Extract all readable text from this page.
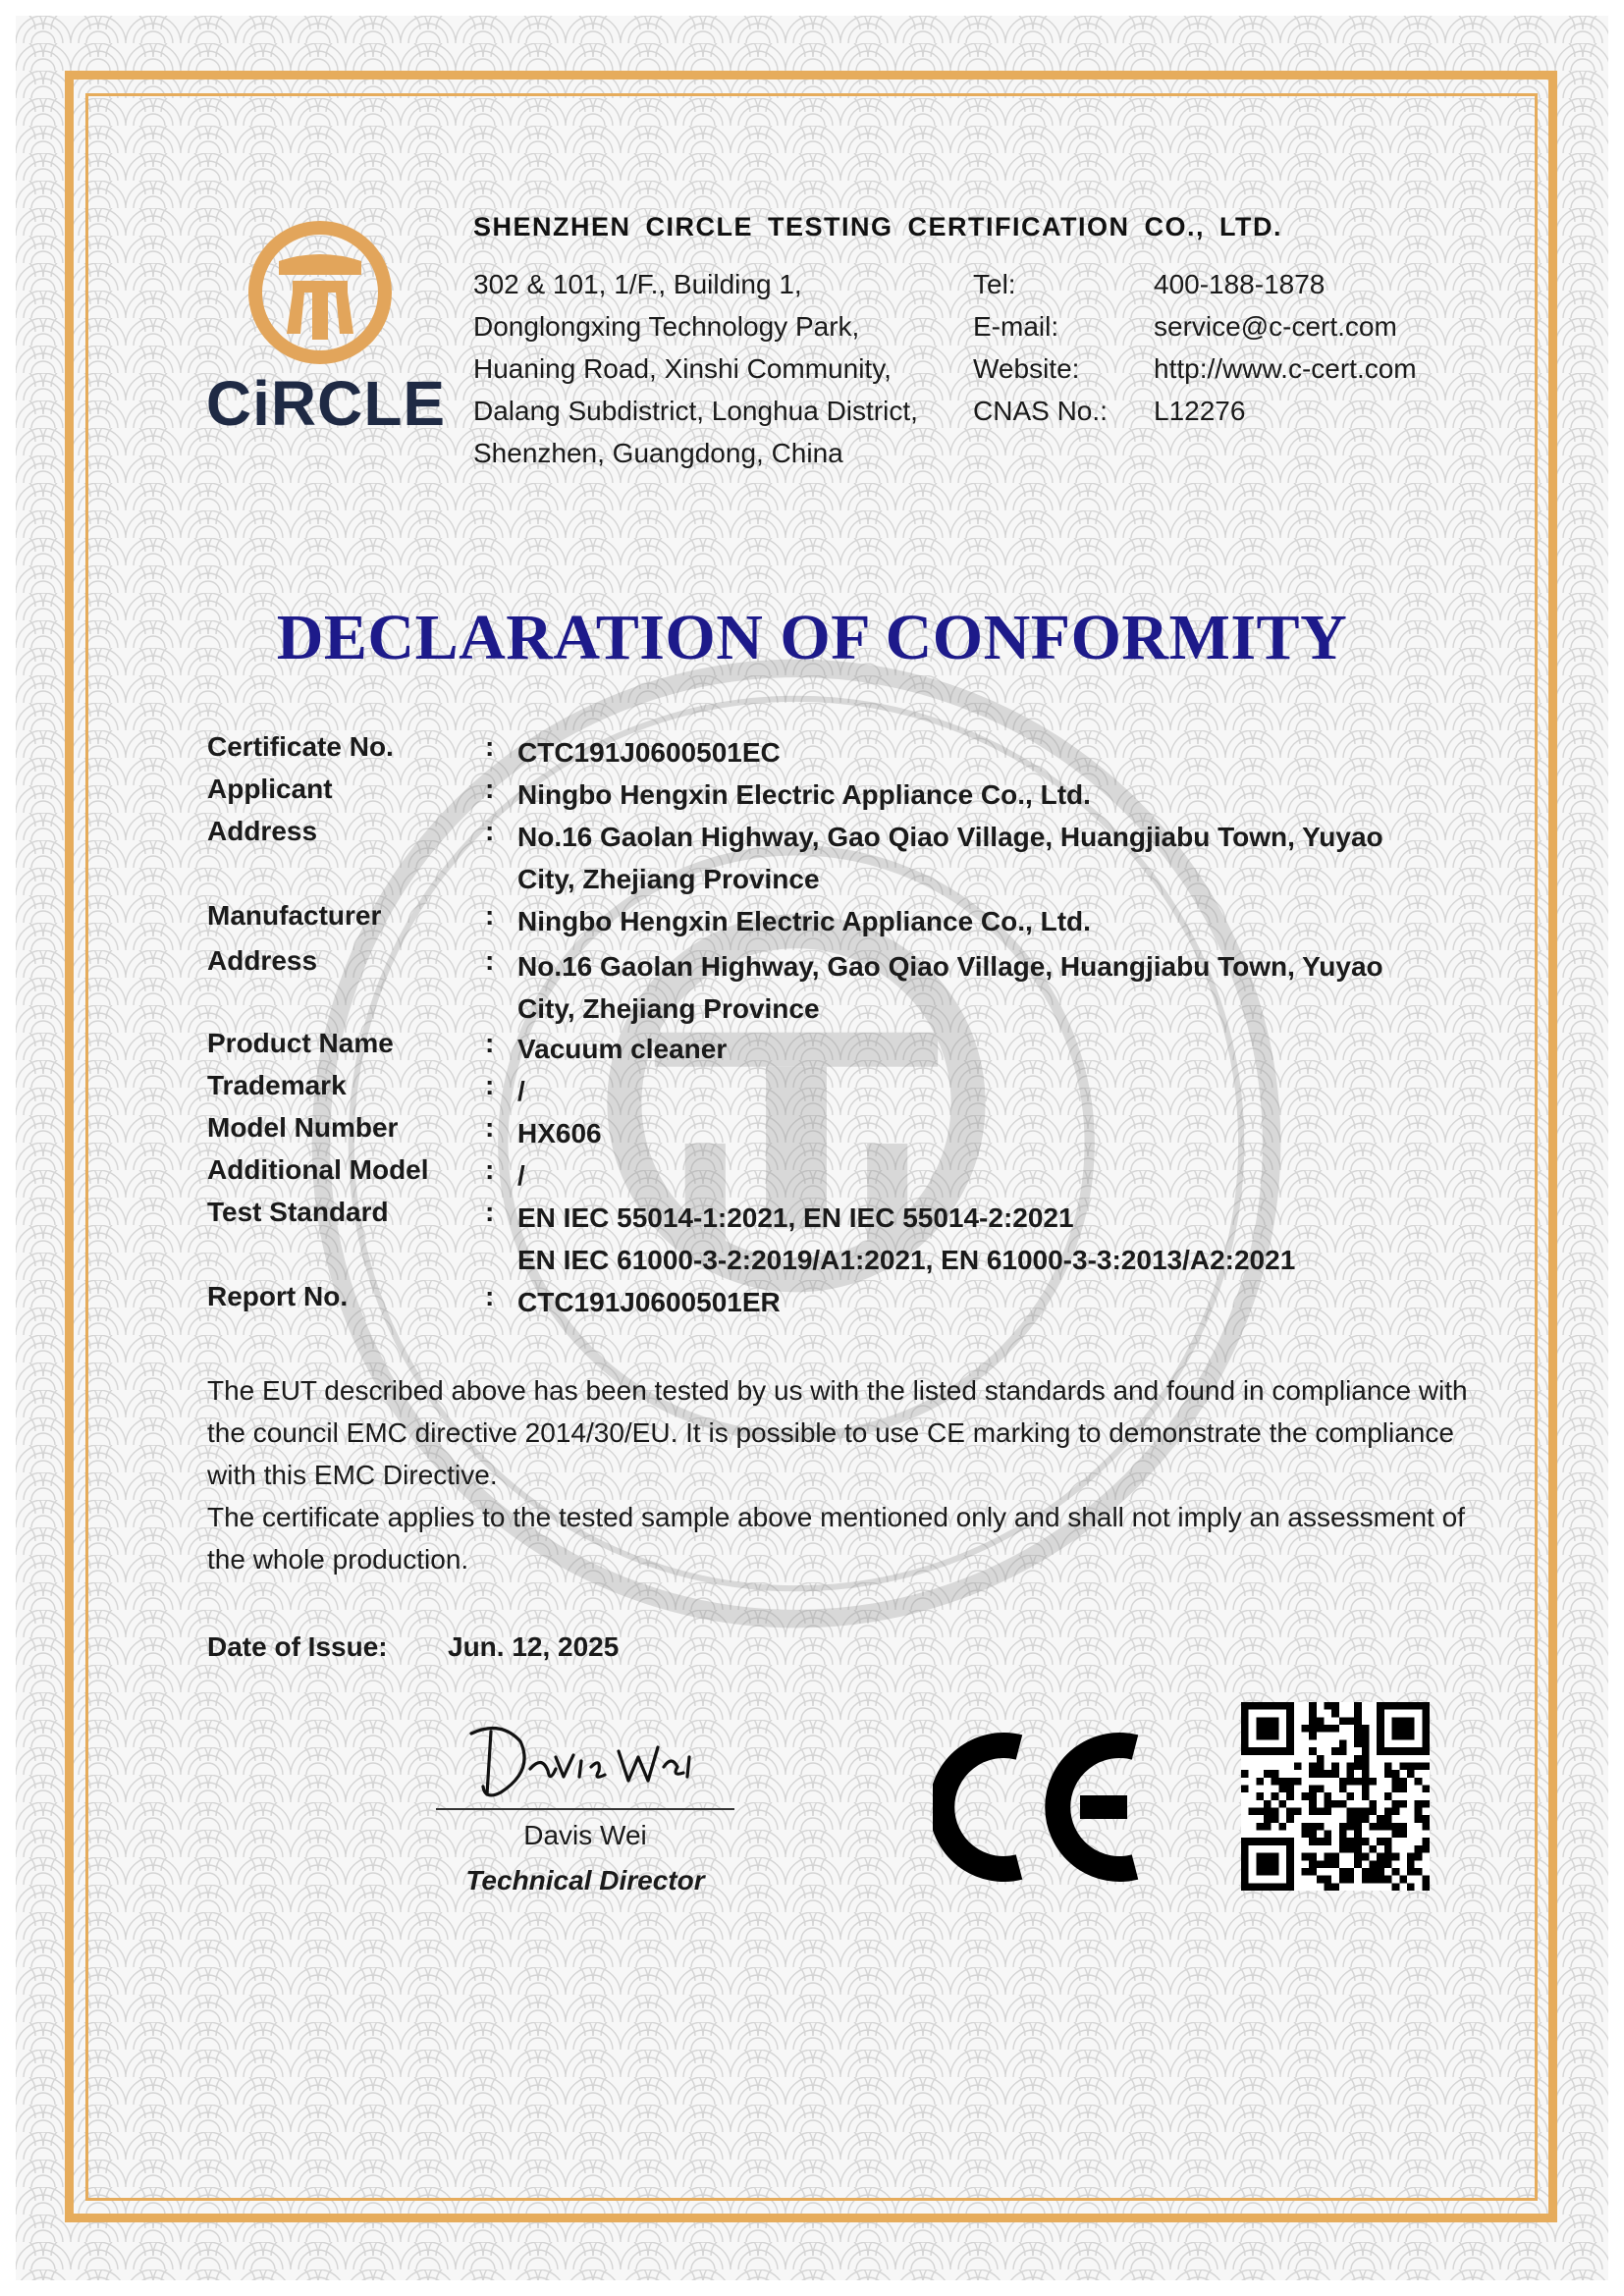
CiRCLE
SHENZHEN CIRCLE TESTING CERTIFICATION CO., LTD.
302 & 101, 1/F., Building 1,
Donglongxing Technology Park,
Huaning Road, Xinshi Community,
Dalang Subdistrict, Longhua District,
Shenzhen, Guangdong, China
Tel:	400-188-1878
E-mail:	service@c-cert.com
Website:	http://www.c-cert.com
CNAS No.: L12276
DECLARATION OF CONFORMITY
Certificate No.	: CTC191J0600501EC
Applicant	: Ningbo Hengxin Electric Appliance Co., Ltd.
Address	: No.16 Gaolan Highway, Gao Qiao Village, Huangjiabu Town, Yuyao
City, Zhejiang Province
Manufacturer	: Ningbo Hengxin Electric Appliance Co., Ltd.
Address	: No.16 Gaolan Highway, Gao Qiao Village, Huangjiabu Town, Yuyao
City, Zhejiang Province
Product Name	: Vacuum cleaner
Trademark	: /
Model Number	: HX606
Additional Model : /
Test Standard	: EN IEC 55014-1:2021, EN IEC 55014-2:2021
EN IEC 61000-3-2:2019/A1:2021, EN 61000-3-3:2013/A2:2021
Report No.	: CTC191J0600501ER

The EUT described above has been tested by us with the listed standards and found in compliance with the council EMC directive 2014/30/EU. It is possible to use CE marking to demonstrate the compliance with this EMC Directive.

The certificate applies to the tested sample above mentioned only and shall not imply an assessment of the whole production.

Date of Issue: Jun. 12, 2025
Davis Wei
Technical Director
